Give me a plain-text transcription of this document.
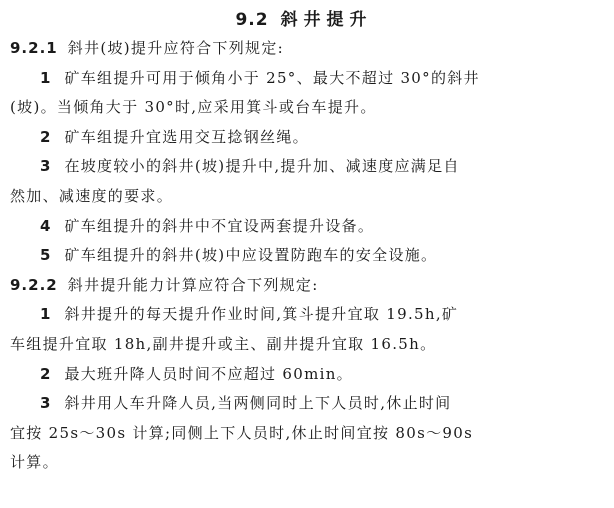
9.2 斜井提升
9.2.1 斜井(坡)提升应符合下列规定:
1 矿车组提升可用于倾角小于 25°、最大不超过 30°的斜井
(坡)。当倾角大于 30°时,应采用箕斗或台车提升。
2 矿车组提升宜选用交互捻钢丝绳。
3 在坡度较小的斜井(坡)提升中,提升加、减速度应满足自
然加、减速度的要求。
4 矿车组提升的斜井中不宜设两套提升设备。
5 矿车组提升的斜井(坡)中应设置防跑车的安全设施。
9.2.2 斜井提升能力计算应符合下列规定:
1 斜井提升的每天提升作业时间,箕斗提升宜取 19.5h,矿
车组提升宜取 18h,副井提升或主、副井提升宜取 16.5h。
2 最大班升降人员时间不应超过 60min。
3 斜井用人车升降人员,当两侧同时上下人员时,休止时间
宜按 25s～30s 计算;同侧上下人员时,休止时间宜按 80s～90s
计算。
